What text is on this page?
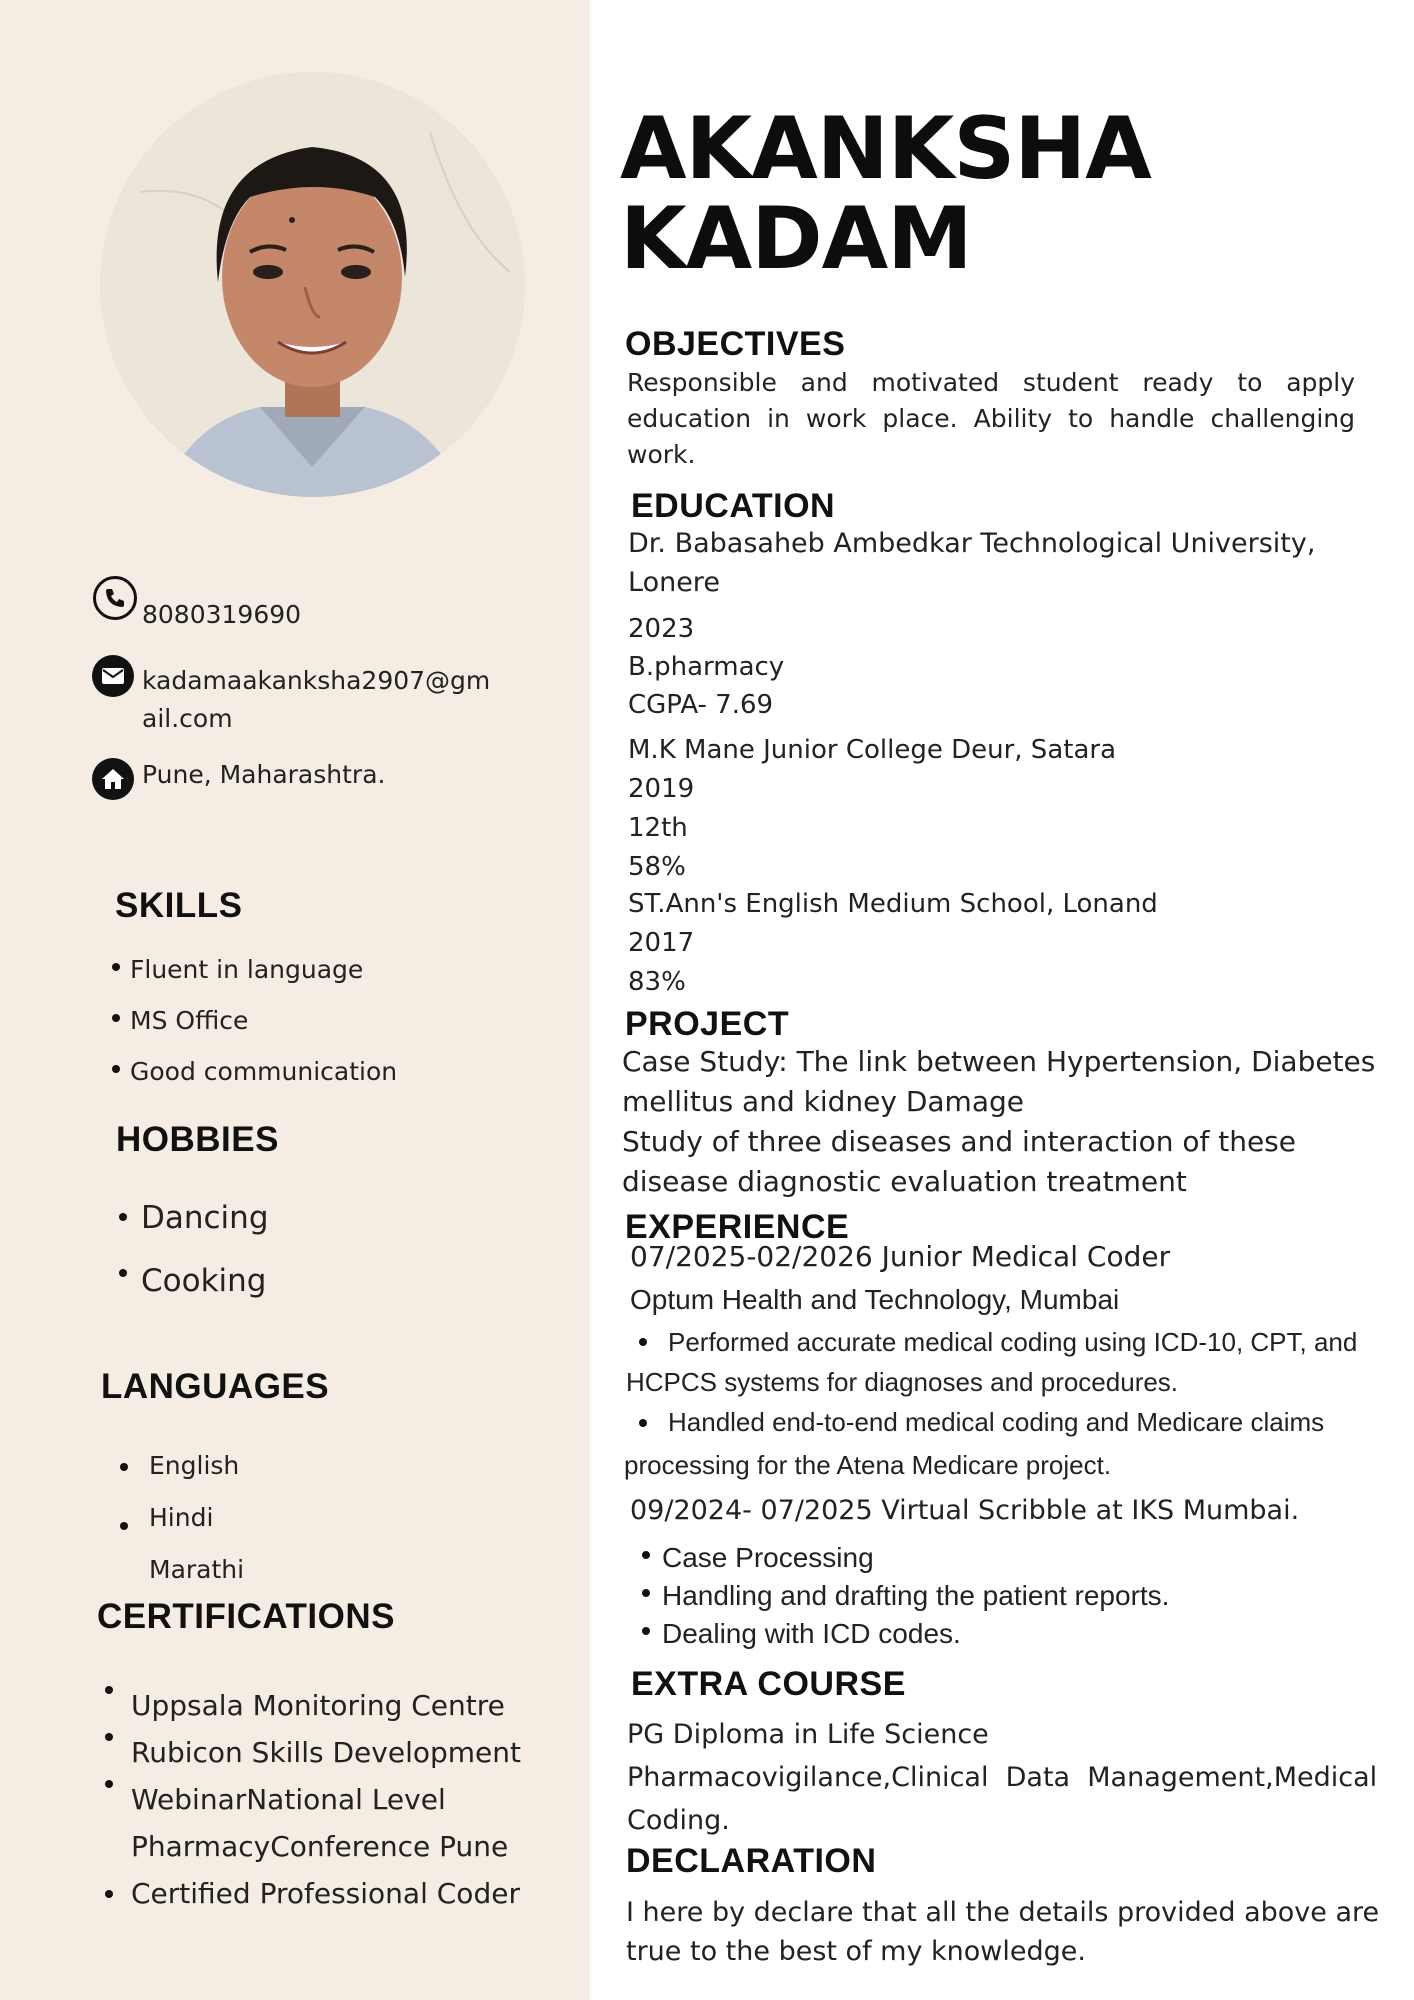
8080319690
kadamaakanksha2907@gm
ail.com
Pune, Maharashtra.
SKILLS
Fluent in language
MS Office
Good communication
HOBBIES
Dancing
Cooking
LANGUAGES
English
Hindi
Marathi
CERTIFICATIONS
Uppsala Monitoring Centre
Rubicon Skills Development
WebinarNational Level
PharmacyConference Pune
Certified Professional Coder
AKANKSHA
KADAM
OBJECTIVES
Responsible and motivated student ready to apply education in work place. Ability to handle challenging work.
EDUCATION
Dr. Babasaheb Ambedkar Technological University,
Lonere
2023
B.pharmacy
CGPA- 7.69
M.K Mane Junior College Deur, Satara
2019
12th
58%
ST.Ann's English Medium School, Lonand
2017
83%
PROJECT
Case Study: The link between Hypertension, Diabetes
mellitus and kidney Damage
Study of three diseases and interaction of these
disease diagnostic evaluation treatment
EXPERIENCE
07/2025-02/2026 Junior Medical Coder
Optum Health and Technology, Mumbai
Performed accurate medical coding using ICD-10, CPT, and
HCPCS systems for diagnoses and procedures.
Handled end-to-end medical coding and Medicare claims
processing for the Atena Medicare project.
09/2024- 07/2025 Virtual Scribble at IKS Mumbai.
Case Processing
Handling and drafting the patient reports.
Dealing with ICD codes.
EXTRA COURSE
PG Diploma in Life Science
Pharmacovigilance,Clinical  Data  Management,Medical
Coding.
DECLARATION
I here by declare that all the details provided above are
true to the best of my knowledge.
